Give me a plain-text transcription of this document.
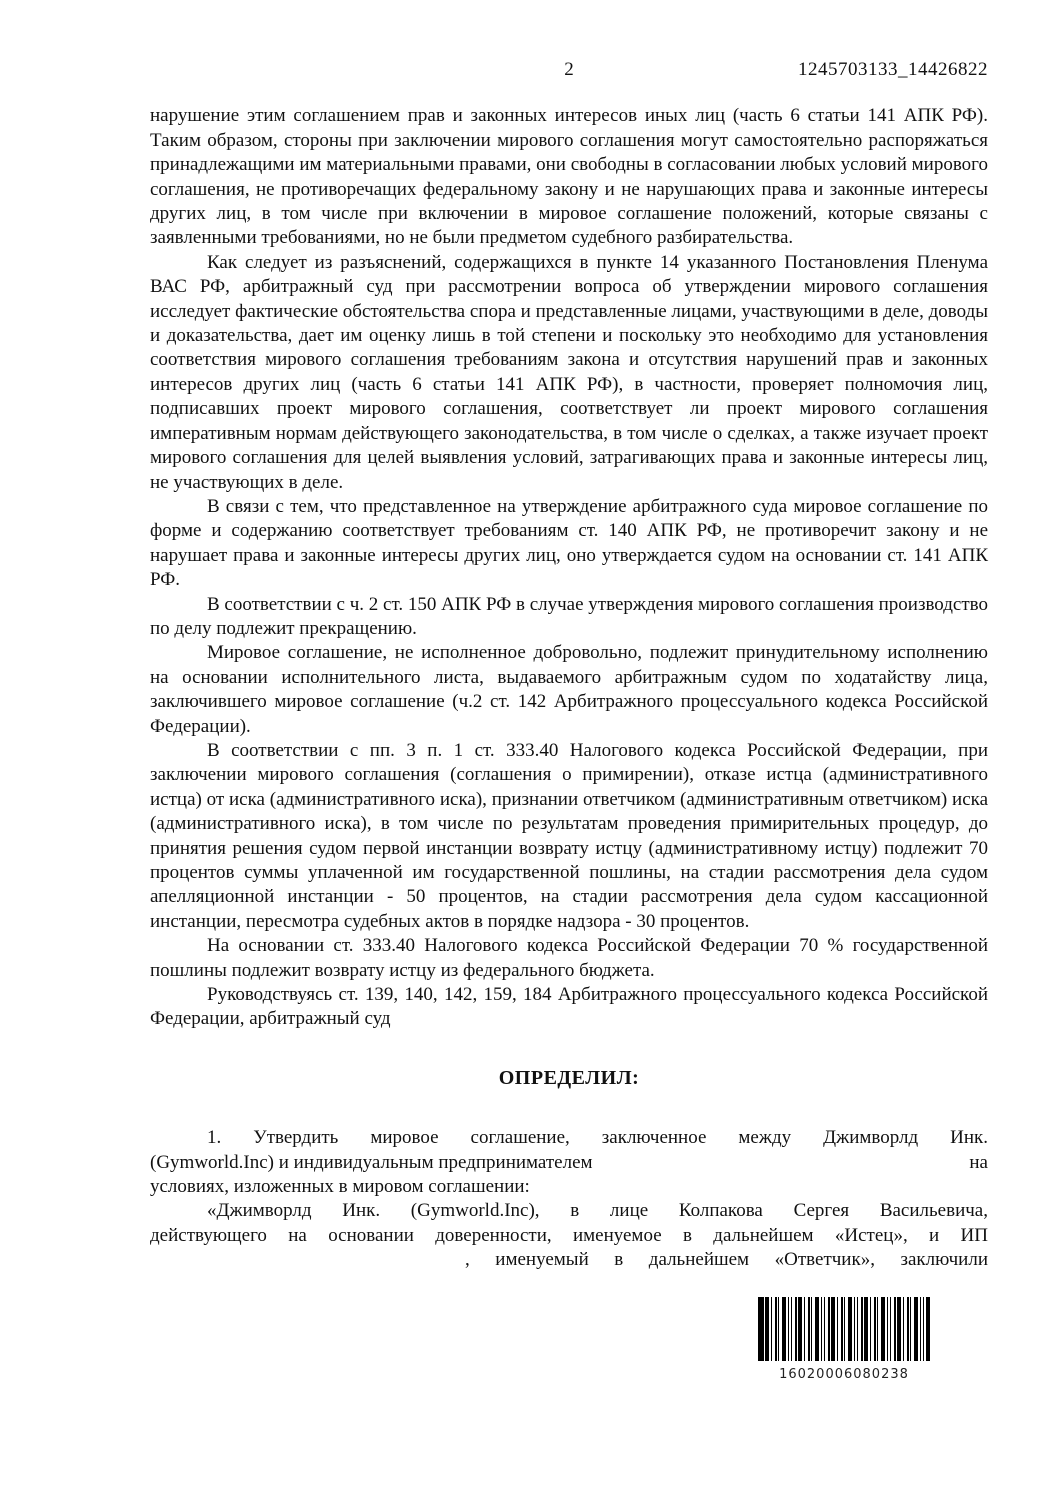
2	1245703133_14426822

нарушение этим соглашением прав и законных интересов иных лиц (часть 6 статьи 141 АПК РФ). Таким образом, стороны при заключении мирового соглашения могут самостоятельно распоряжаться принадлежащими им материальными правами, они свободны в согласовании любых условий мирового соглашения, не противоречащих федеральному закону и не нарушающих права и законные интересы других лиц, в том числе при включении в мировое соглашение положений, которые связаны с заявленными требованиями, но не были предметом судебного разбирательства.

Как следует из разъяснений, содержащихся в пункте 14 указанного Постановления Пленума ВАС РФ, арбитражный суд при рассмотрении вопроса об утверждении мирового соглашения исследует фактические обстоятельства спора и представленные лицами, участвующими в деле, доводы и доказательства, дает им оценку лишь в той степени и поскольку это необходимо для установления соответствия мирового соглашения требованиям закона и отсутствия нарушений прав и законных интересов других лиц (часть 6 статьи 141 АПК РФ), в частности, проверяет полномочия лиц, подписавших проект мирового соглашения, соответствует ли проект мирового соглашения императивным нормам действующего законодательства, в том числе о сделках, а также изучает проект мирового соглашения для целей выявления условий, затрагивающих права и законные интересы лиц, не участвующих в деле.

В связи с тем, что представленное на утверждение арбитражного суда мировое соглашение по форме и содержанию соответствует требованиям ст. 140 АПК РФ, не противоречит закону и не нарушает права и законные интересы других лиц, оно утверждается судом на основании ст. 141 АПК РФ.

В соответствии с ч. 2 ст. 150 АПК РФ в случае утверждения мирового соглашения производство по делу подлежит прекращению.

Мировое соглашение, не исполненное добровольно, подлежит принудительному исполнению на основании исполнительного листа, выдаваемого арбитражным судом по ходатайству лица, заключившего мировое соглашение (ч.2 ст. 142 Арбитражного процессуального кодекса Российской Федерации).

В соответствии с пп. 3 п. 1 ст. 333.40 Налогового кодекса Российской Федерации, при заключении мирового соглашения (соглашения о примирении), отказе истца (административного истца) от иска (административного иска), признании ответчиком (административным ответчиком) иска (административного иска), в том числе по результатам проведения примирительных процедур, до принятия решения судом первой инстанции возврату истцу (административному истцу) подлежит 70 процентов суммы уплаченной им государственной пошлины, на стадии рассмотрения дела судом апелляционной инстанции - 50 процентов, на стадии рассмотрения дела судом кассационной инстанции, пересмотра судебных актов в порядке надзора - 30 процентов.

На основании ст. 333.40 Налогового кодекса Российской Федерации 70 % государственной пошлины подлежит возврату истцу из федерального бюджета.

Руководствуясь ст. 139, 140, 142, 159, 184 Арбитражного процессуального кодекса Российской Федерации, арбитражный суд

ОПРЕДЕЛИЛ:
1. Утвердить мировое соглашение, заключенное между Джимворлд Инк.
(Gymworld.Inc) и индивидуальным предпринимателем	на
условиях, изложенных в мировом соглашении:
«Джимворлд Инк. (Gymworld.Inc), в лице Колпакова Сергея Васильевича,
действующего на основании доверенности, именуемое в дальнейшем «Истец», и ИП
, именуемый в дальнейшем «Ответчик», заключили
16020006080238
